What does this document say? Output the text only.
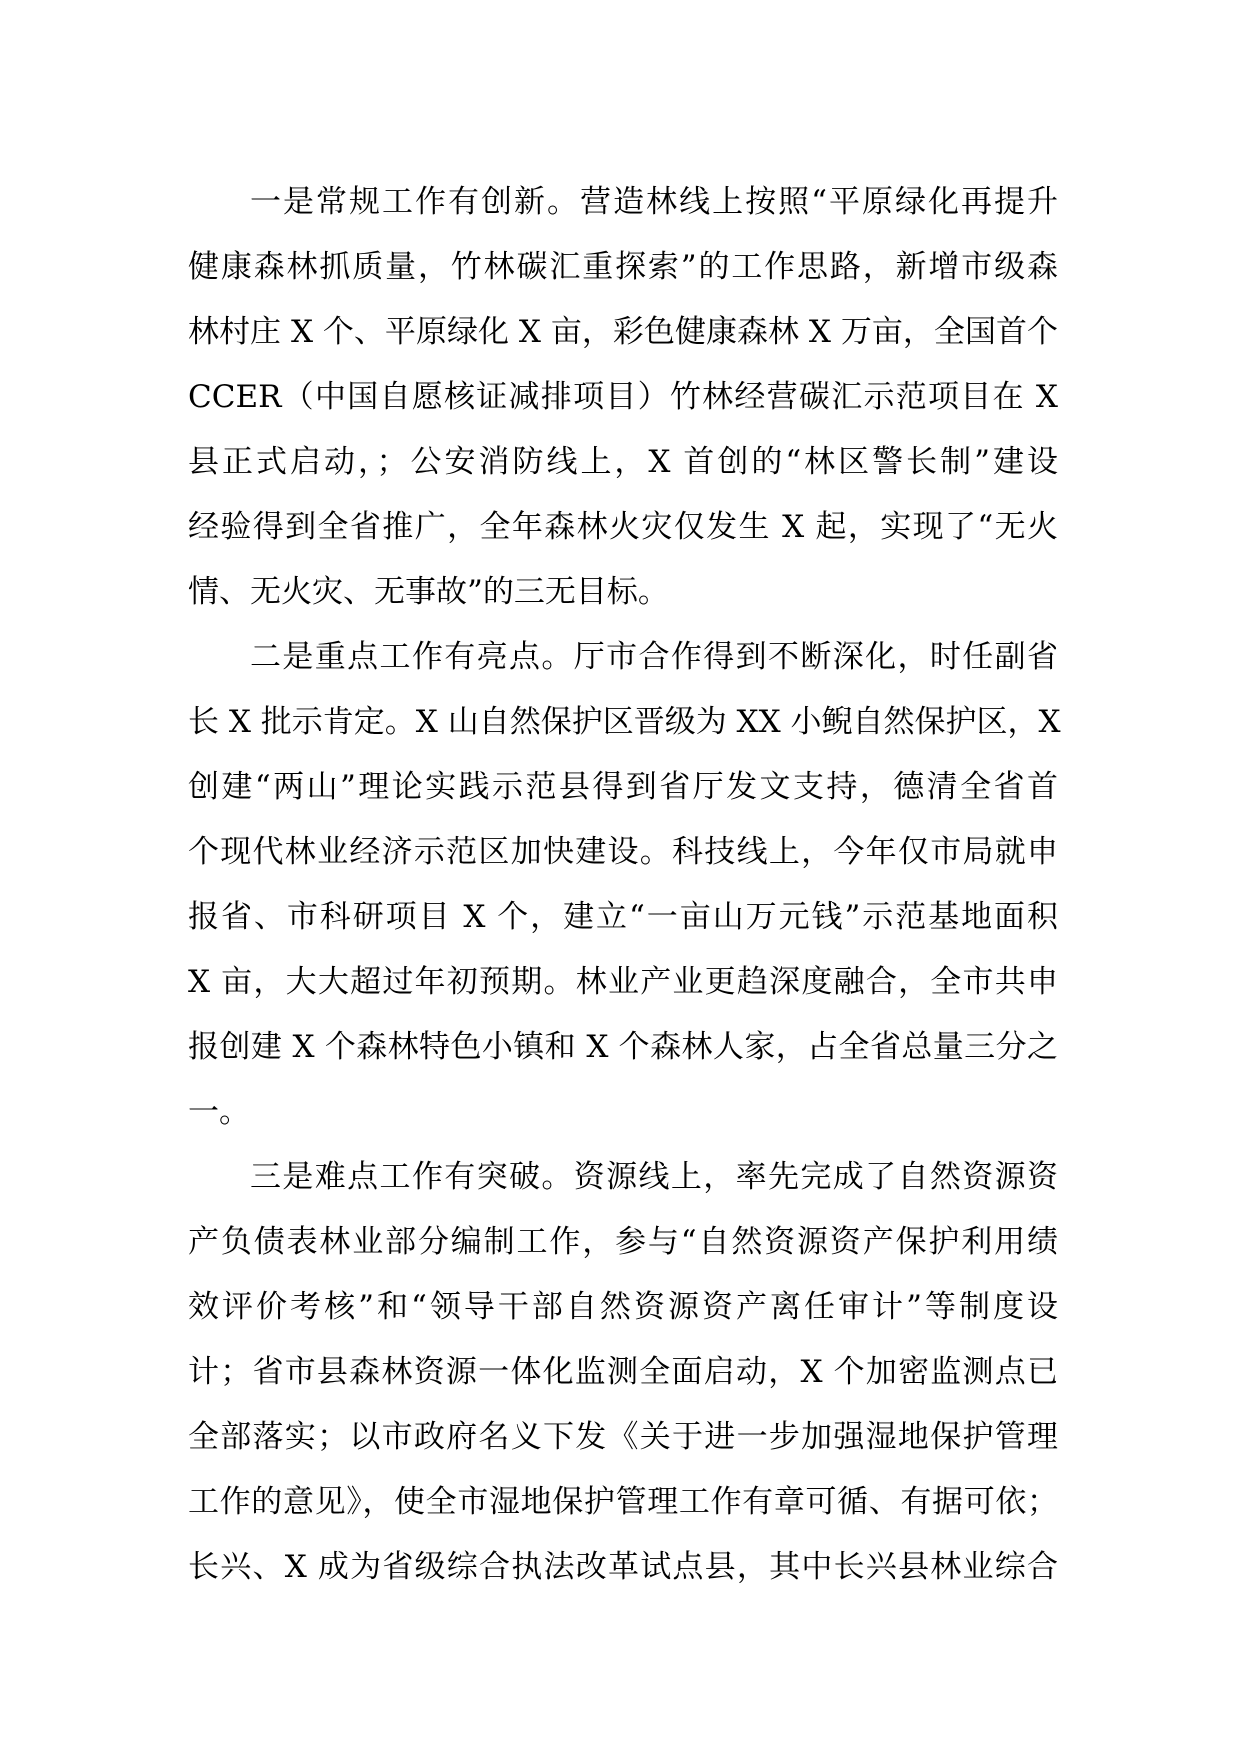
一是常规工作有创新。营造林线上按照“平原绿化再提升
健康森林抓质量，竹林碳汇重探索”的工作思路，新增市级森
林村庄 X 个、平原绿化 X 亩，彩色健康森林 X 万亩，全国首个
CCER（中国自愿核证减排项目）竹林经营碳汇示范项目在 X
县正式启动，；公安消防线上，X 首创的“林区警长制”建设
经验得到全省推广，全年森林火灾仅发生 X 起，实现了“无火
情、无火灾、无事故”的三无目标。

二是重点工作有亮点。厅市合作得到不断深化，时任副省
长 X 批示肯定。X 山自然保护区晋级为 XX 小鲵自然保护区，X
创建“两山”理论实践示范县得到省厅发文支持，德清全省首
个现代林业经济示范区加快建设。科技线上，今年仅市局就申
报省、市科研项目 X 个，建立“一亩山万元钱”示范基地面积
X 亩，大大超过年初预期。林业产业更趋深度融合，全市共申
报创建 X 个森林特色小镇和 X 个森林人家，占全省总量三分之
一。

三是难点工作有突破。资源线上，率先完成了自然资源资
产负债表林业部分编制工作，参与“自然资源资产保护利用绩
效评价考核”和“领导干部自然资源资产离任审计”等制度设
计；省市县森林资源一体化监测全面启动，X 个加密监测点已
全部落实；以市政府名义下发《关于进一步加强湿地保护管理
工作的意见》，使全市湿地保护管理工作有章可循、有据可依；
长兴、X 成为省级综合执法改革试点县，其中长兴县林业综合
